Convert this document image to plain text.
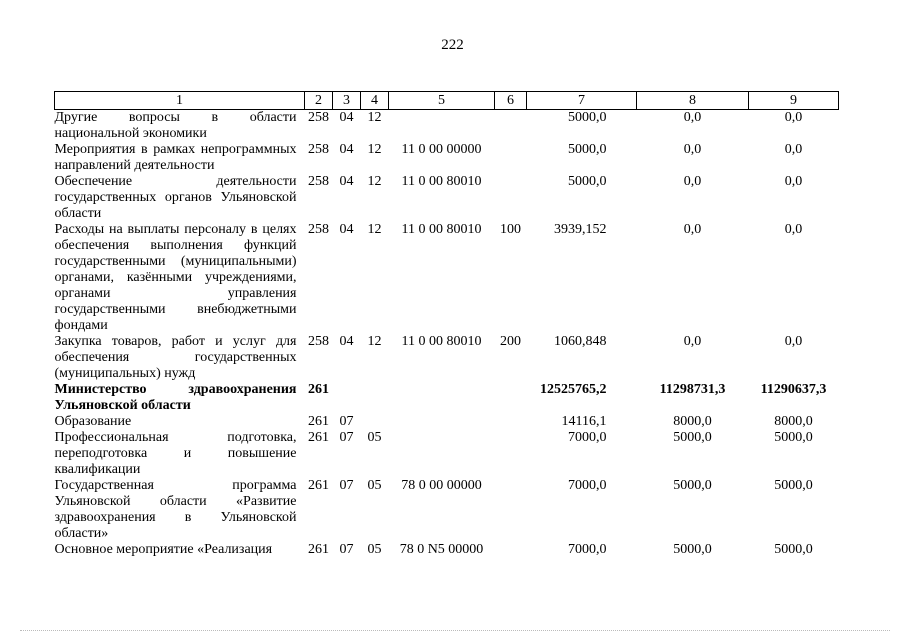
222
1	2	3	4	5	6	7	8	9
Другие вопросы в области национальной экономики	258	04	12			5000,0	0,0	0,0
Мероприятия в рамках непрограммных направлений деятельности	258	04	12	11 0 00 00000		5000,0	0,0	0,0
Обеспечение деятельности государственных органов Ульяновской области	258	04	12	11 0 00 80010		5000,0	0,0	0,0
Расходы на выплаты персоналу в целях обеспечения выполнения функций государственными (муниципальными) органами, казёнными учреждениями, органами управления государственными внебюджетными фондами	258	04	12	11 0 00 80010	100	3939,152	0,0	0,0
Закупка товаров, работ и услуг для обеспечения государственных (муниципальных) нужд	258	04	12	11 0 00 80010	200	1060,848	0,0	0,0
Министерство здравоохранения Ульяновской области	261					12525765,2	11298731,3	11290637,3
Образование	261	07				14116,1	8000,0	8000,0
Профессиональная подготовка, переподготовка и повышение квалификации	261	07	05			7000,0	5000,0	5000,0
Государственная программа Ульяновской области «Развитие здравоохранения в Ульяновской области»	261	07	05	78 0 00 00000		7000,0	5000,0	5000,0
Основное мероприятие «Реализация	261	07	05	78 0 N5 00000		7000,0	5000,0	5000,0
